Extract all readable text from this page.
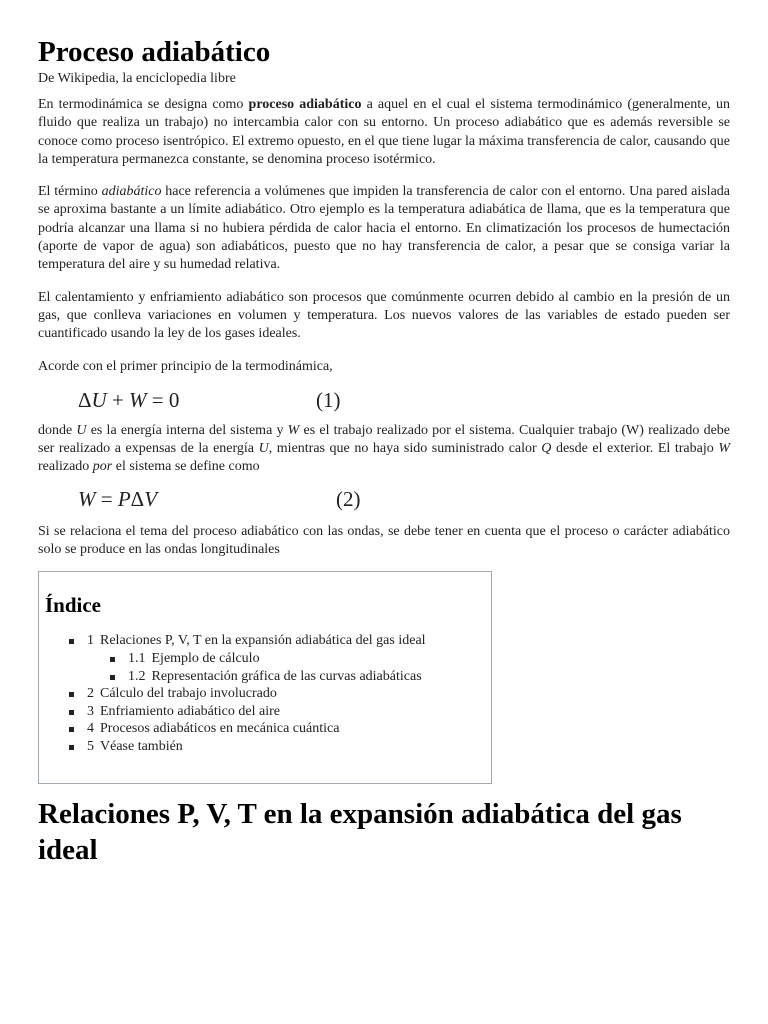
Proceso adiabático
De Wikipedia, la enciclopedia libre

En termodinámica se designa como proceso adiabático a aquel en el cual el sistema termodinámico (generalmente, un fluido que realiza un trabajo) no intercambia calor con su entorno. Un proceso adiabático que es además reversible se conoce como proceso isentrópico. El extremo opuesto, en el que tiene lugar la máxima transferencia de calor, causando que la temperatura permanezca constante, se denomina proceso isotérmico.

El término adiabático hace referencia a volúmenes que impiden la transferencia de calor con el entorno. Una pared aislada se aproxima bastante a un límite adiabático. Otro ejemplo es la temperatura adiabática de llama, que es la temperatura que podría alcanzar una llama si no hubiera pérdida de calor hacia el entorno. En climatización los procesos de humectación (aporte de vapor de agua) son adiabáticos, puesto que no hay transferencia de calor, a pesar que se consiga variar la temperatura del aire y su humedad relativa.

El calentamiento y enfriamiento adiabático son procesos que comúnmente ocurren debido al cambio en la presión de un gas, que conlleva variaciones en volumen y temperatura. Los nuevos valores de las variables de estado pueden ser cuantificado usando la ley de los gases ideales.

Acorde con el primer principio de la termodinámica,

ΔU + W = 0	(1)

donde U es la energía interna del sistema y W es el trabajo realizado por el sistema. Cualquier trabajo (W) realizado debe ser realizado a expensas de la energía U, mientras que no haya sido suministrado calor Q desde el exterior. El trabajo W realizado por el sistema se define como

W = PΔV	(2)

Si se relaciona el tema del proceso adiabático con las ondas, se debe tener en cuenta que el proceso o carácter adiabático solo se produce en las ondas longitudinales

Índice
1 Relaciones P, V, T en la expansión adiabática del gas ideal
1.1 Ejemplo de cálculo
1.2 Representación gráfica de las curvas adiabáticas
2 Cálculo del trabajo involucrado
3 Enfriamiento adiabático del aire
4 Procesos adiabáticos en mecánica cuántica
5 Véase también
Relaciones P, V, T en la expansión adiabática del gas ideal
